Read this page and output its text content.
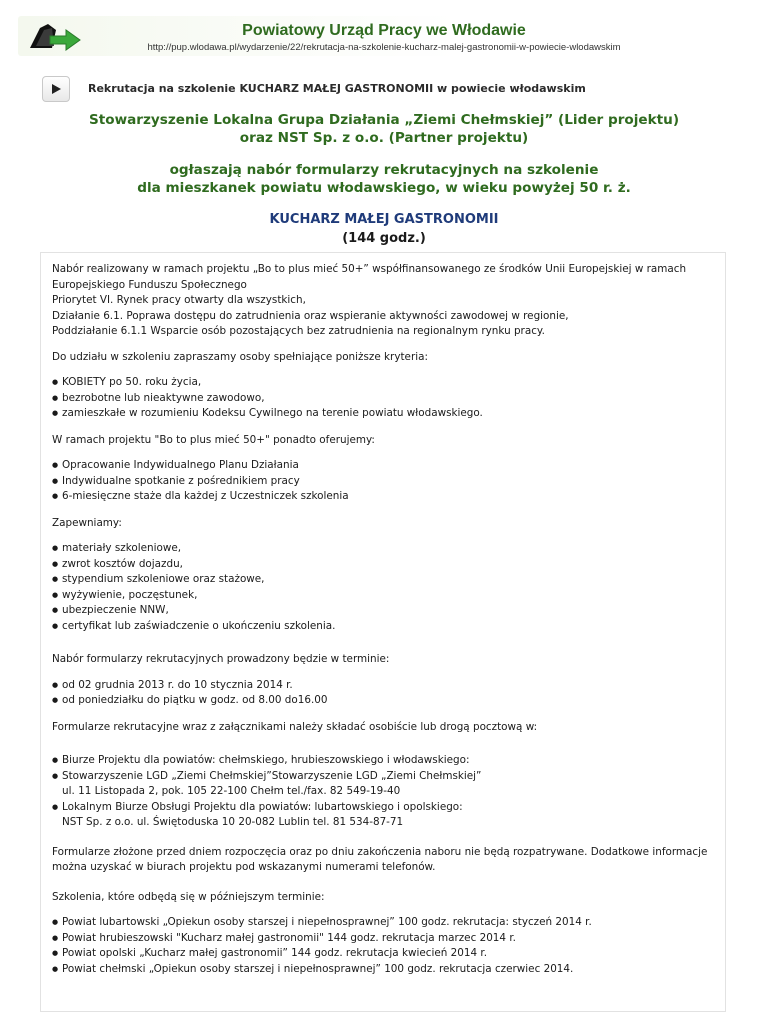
Powiatowy Urząd Pracy we Włodawie
http://pup.wlodawa.pl/wydarzenie/22/rekrutacja-na-szkolenie-kucharz-malej-gastronomii-w-powiecie-wlodawskim
Rekrutacja na szkolenie KUCHARZ MAŁEJ GASTRONOMII w powiecie włodawskim
Stowarzyszenie Lokalna Grupa Działania „Ziemi Chełmskiej” (Lider projektu)
oraz NST Sp. z o.o. (Partner projektu)
ogłaszają nabór formularzy rekrutacyjnych na szkolenie
dla mieszkanek powiatu włodawskiego, w wieku powyżej 50 r. ż.
KUCHARZ MAŁEJ GASTRONOMII
(144 godz.)

Nabór realizowany w ramach projektu „Bo to plus mieć 50+” współfinansowanego ze środków Unii Europejskiej w ramach
Europejskiego Funduszu Społecznego
Priorytet VI. Rynek pracy otwarty dla wszystkich,
Działanie 6.1. Poprawa dostępu do zatrudnienia oraz wspieranie aktywności zawodowej w regionie,
Poddziałanie 6.1.1 Wsparcie osób pozostających bez zatrudnienia na regionalnym rynku pracy.

Do udziału w szkoleniu zapraszamy osoby spełniające poniższe kryteria:

● KOBIETY po 50. roku życia,
● bezrobotne lub nieaktywne zawodowo,
● zamieszkałe w rozumieniu Kodeksu Cywilnego na terenie powiatu włodawskiego.

W ramach projektu "Bo to plus mieć 50+" ponadto oferujemy:

● Opracowanie Indywidualnego Planu Działania
● Indywidualne spotkanie z pośrednikiem pracy
● 6-miesięczne staże dla każdej z Uczestniczek szkolenia

Zapewniamy:

● materiały szkoleniowe,
● zwrot kosztów dojazdu,
● stypendium szkoleniowe oraz stażowe,
● wyżywienie, poczęstunek,
● ubezpieczenie NNW,
● certyfikat lub zaświadczenie o ukończeniu szkolenia.

Nabór formularzy rekrutacyjnych prowadzony będzie w terminie:

● od 02 grudnia 2013 r. do 10 stycznia 2014 r.
● od poniedziałku do piątku w godz. od 8.00 do16.00

Formularze rekrutacyjne wraz z załącznikami należy składać osobiście lub drogą pocztową w:

● Biurze Projektu dla powiatów: chełmskiego, hrubieszowskiego i włodawskiego:
● Stowarzyszenie LGD „Ziemi Chełmskiej”Stowarzyszenie LGD „Ziemi Chełmskiej”
ul. 11 Listopada 2, pok. 105 22-100 Chełm tel./fax. 82 549-19-40
● Lokalnym Biurze Obsługi Projektu dla powiatów: lubartowskiego i opolskiego:
NST Sp. z o.o. ul. Świętoduska 10 20-082 Lublin tel. 81 534-87-71

Formularze złożone przed dniem rozpoczęcia oraz po dniu zakończenia naboru nie będą rozpatrywane. Dodatkowe informacje
można uzyskać w biurach projektu pod wskazanymi numerami telefonów.

Szkolenia, które odbędą się w późniejszym terminie:

● Powiat lubartowski „Opiekun osoby starszej i niepełnosprawnej” 100 godz. rekrutacja: styczeń 2014 r.
● Powiat hrubieszowski "Kucharz małej gastronomii" 144 godz. rekrutacja marzec 2014 r.
● Powiat opolski „Kucharz małej gastronomii” 144 godz. rekrutacja kwiecień 2014 r.
● Powiat chełmski „Opiekun osoby starszej i niepełnosprawnej” 100 godz. rekrutacja czerwiec 2014.
